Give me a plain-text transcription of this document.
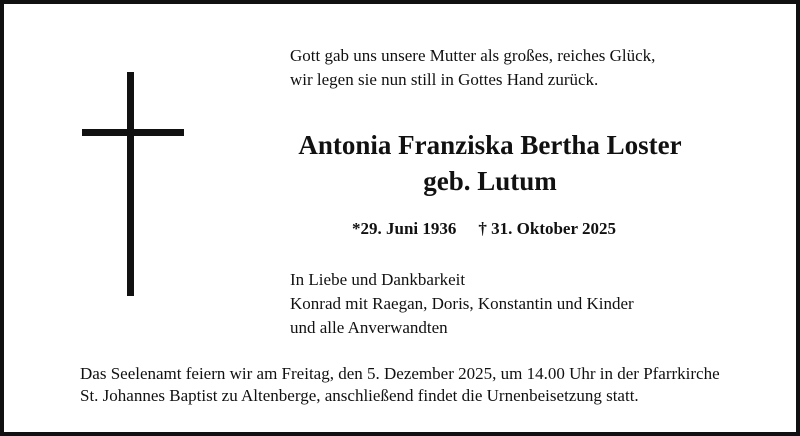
Gott gab uns unsere Mutter als großes, reiches Glück,
wir legen sie nun still in Gottes Hand zurück.
Antonia Franziska Bertha Loster
geb. Lutum
*29. Juni 1936 † 31. Oktober 2025
In Liebe und Dankbarkeit
Konrad mit Raegan, Doris, Konstantin und Kinder
und alle Anverwandten
Das Seelenamt feiern wir am Freitag, den 5. Dezember 2025, um 14.00 Uhr in der Pfarrkirche
St. Johannes Baptist zu Altenberge, anschließend findet die Urnenbeisetzung statt.
